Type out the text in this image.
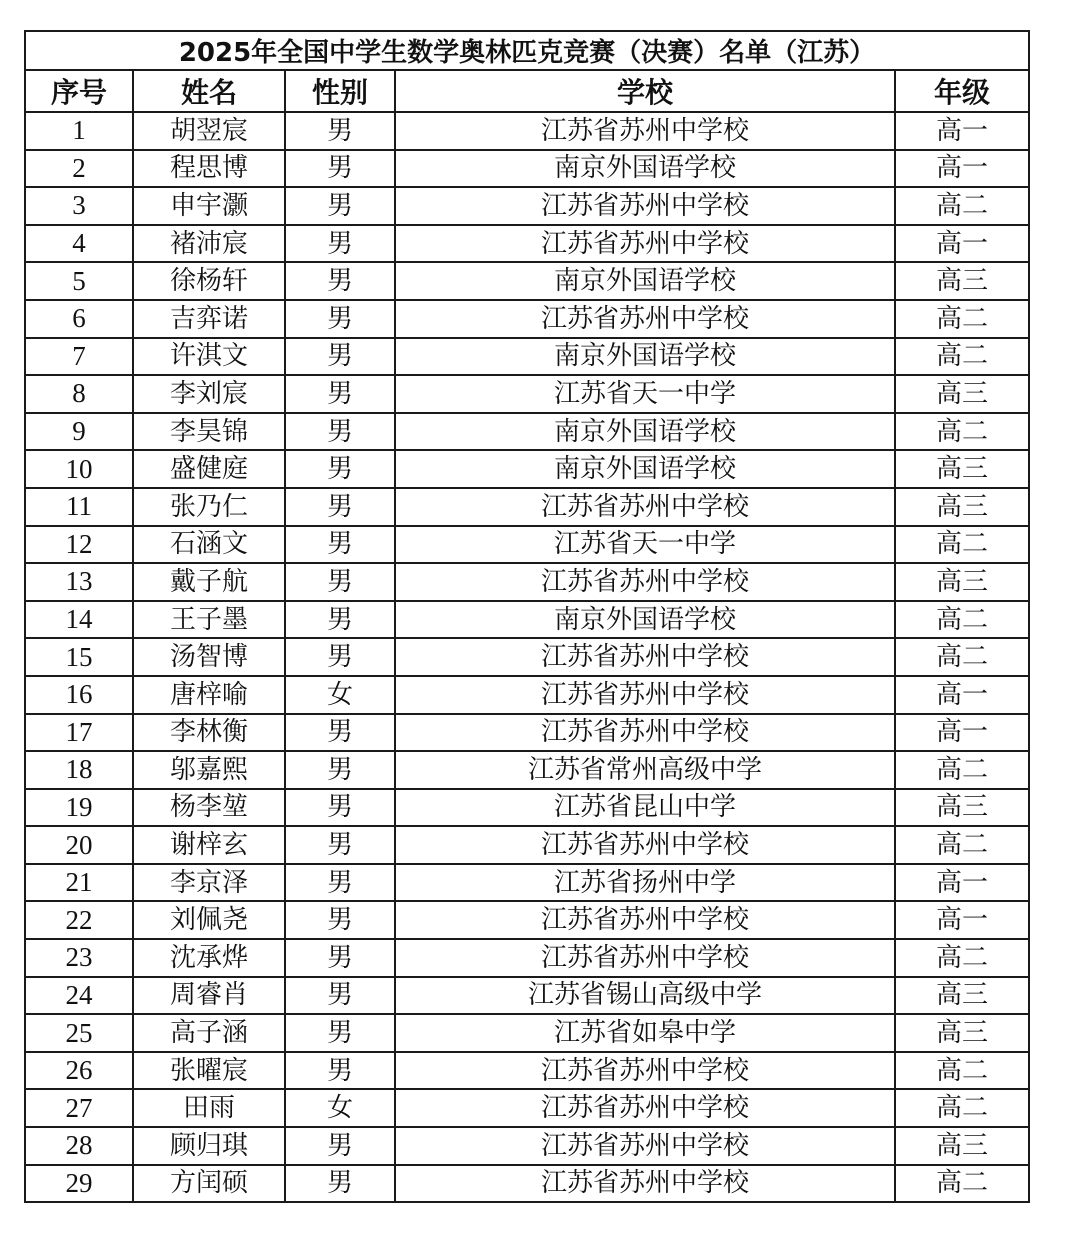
2025年全国中学生数学奥林匹克竞赛（决赛）名单（江苏）				
序号	姓名	性别	学校	年级
1	胡翌宸	男	江苏省苏州中学校	高一
2	程思博	男	南京外国语学校	高一
3	申宇灏	男	江苏省苏州中学校	高二
4	褚沛宸	男	江苏省苏州中学校	高一
5	徐杨轩	男	南京外国语学校	高三
6	吉弈诺	男	江苏省苏州中学校	高二
7	许淇文	男	南京外国语学校	高二
8	李刘宸	男	江苏省天一中学	高三
9	李昊锦	男	南京外国语学校	高二
10	盛健庭	男	南京外国语学校	高三
11	张乃仁	男	江苏省苏州中学校	高三
12	石涵文	男	江苏省天一中学	高二
13	戴子航	男	江苏省苏州中学校	高三
14	王子墨	男	南京外国语学校	高二
15	汤智博	男	江苏省苏州中学校	高二
16	唐梓喻	女	江苏省苏州中学校	高一
17	李林衡	男	江苏省苏州中学校	高一
18	邬嘉熙	男	江苏省常州高级中学	高二
19	杨李堃	男	江苏省昆山中学	高三
20	谢梓玄	男	江苏省苏州中学校	高二
21	李京泽	男	江苏省扬州中学	高一
22	刘佩尧	男	江苏省苏州中学校	高一
23	沈承烨	男	江苏省苏州中学校	高二
24	周睿肖	男	江苏省锡山高级中学	高三
25	高子涵	男	江苏省如皋中学	高三
26	张曜宸	男	江苏省苏州中学校	高二
27	田雨	女	江苏省苏州中学校	高二
28	顾归琪	男	江苏省苏州中学校	高三
29	方闰硕	男	江苏省苏州中学校	高二
